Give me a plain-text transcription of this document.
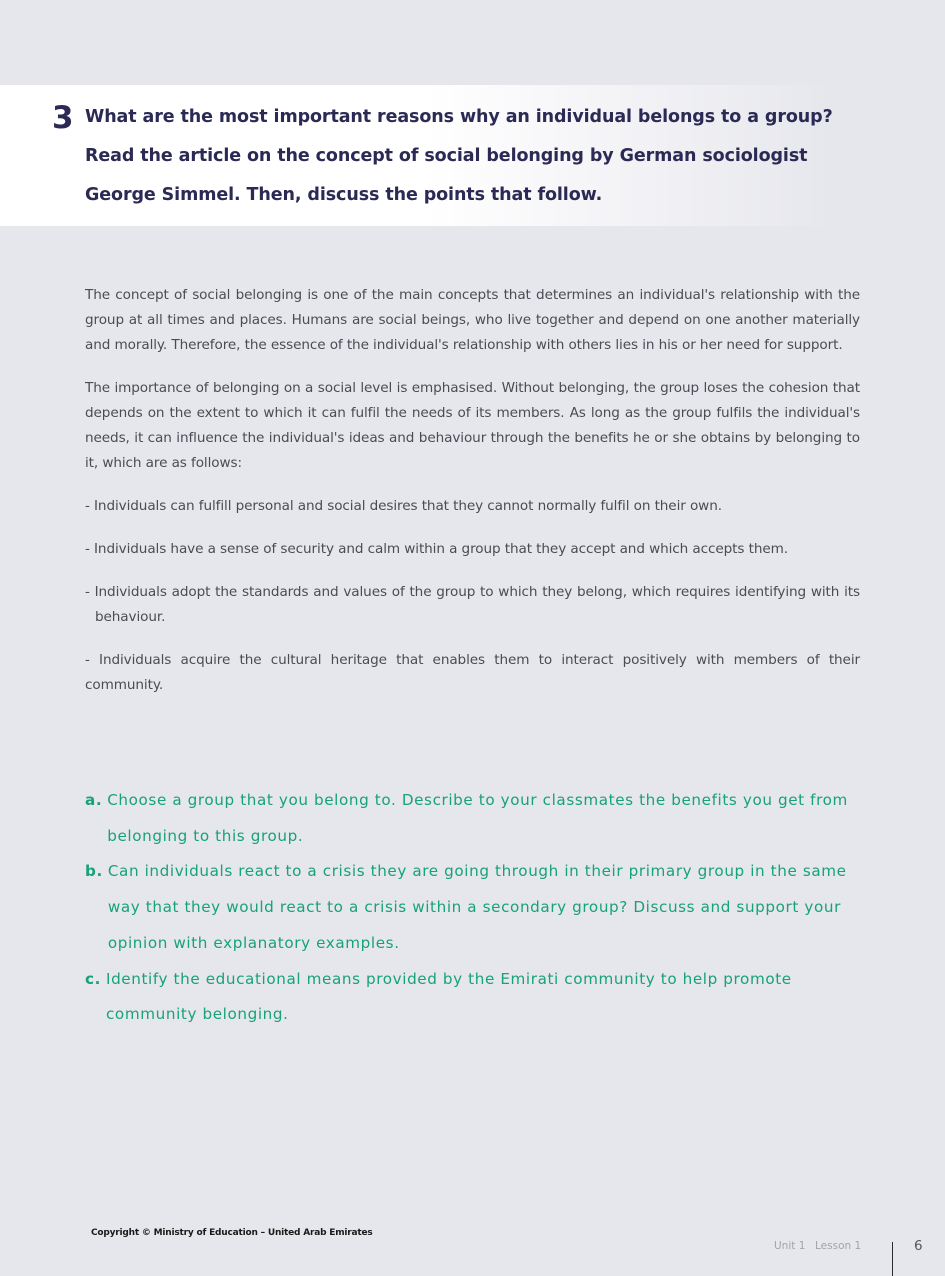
3 What are the most important reasons why an individual belongs to a group? Read the article on the concept of social belonging by German sociologist George Simmel. Then, discuss the points that follow.

The concept of social belonging is one of the main concepts that determines an individual's relationship with the group at all times and places. Humans are social beings, who live together and depend on one another materially and morally. Therefore, the essence of the individual's relationship with others lies in his or her need for support.

The importance of belonging on a social level is emphasised. Without belonging, the group loses the cohesion that depends on the extent to which it can fulfil the needs of its members. As long as the group fulfils the individual's needs, it can influence the individual's ideas and behaviour through the benefits he or she obtains by belonging to it, which are as follows:

- Individuals can fulfill personal and social desires that they cannot normally fulfil on their own.

- Individuals have a sense of security and calm within a group that they accept and which accepts them.

- Individuals adopt the standards and values of the group to which they belong, which requires identifying with its behaviour.

- Individuals acquire the cultural heritage that enables them to interact positively with members of their community.

a. Choose a group that you belong to. Describe to your classmates the benefits you get from belonging to this group.
b. Can individuals react to a crisis they are going through in their primary group in the same way that they would react to a crisis within a secondary group? Discuss and support your opinion with explanatory examples.
c. Identify the educational means provided by the Emirati community to help promote community belonging.
Copyright © Ministry of Education – United Arab Emirates
Unit 1 Lesson 1	6
